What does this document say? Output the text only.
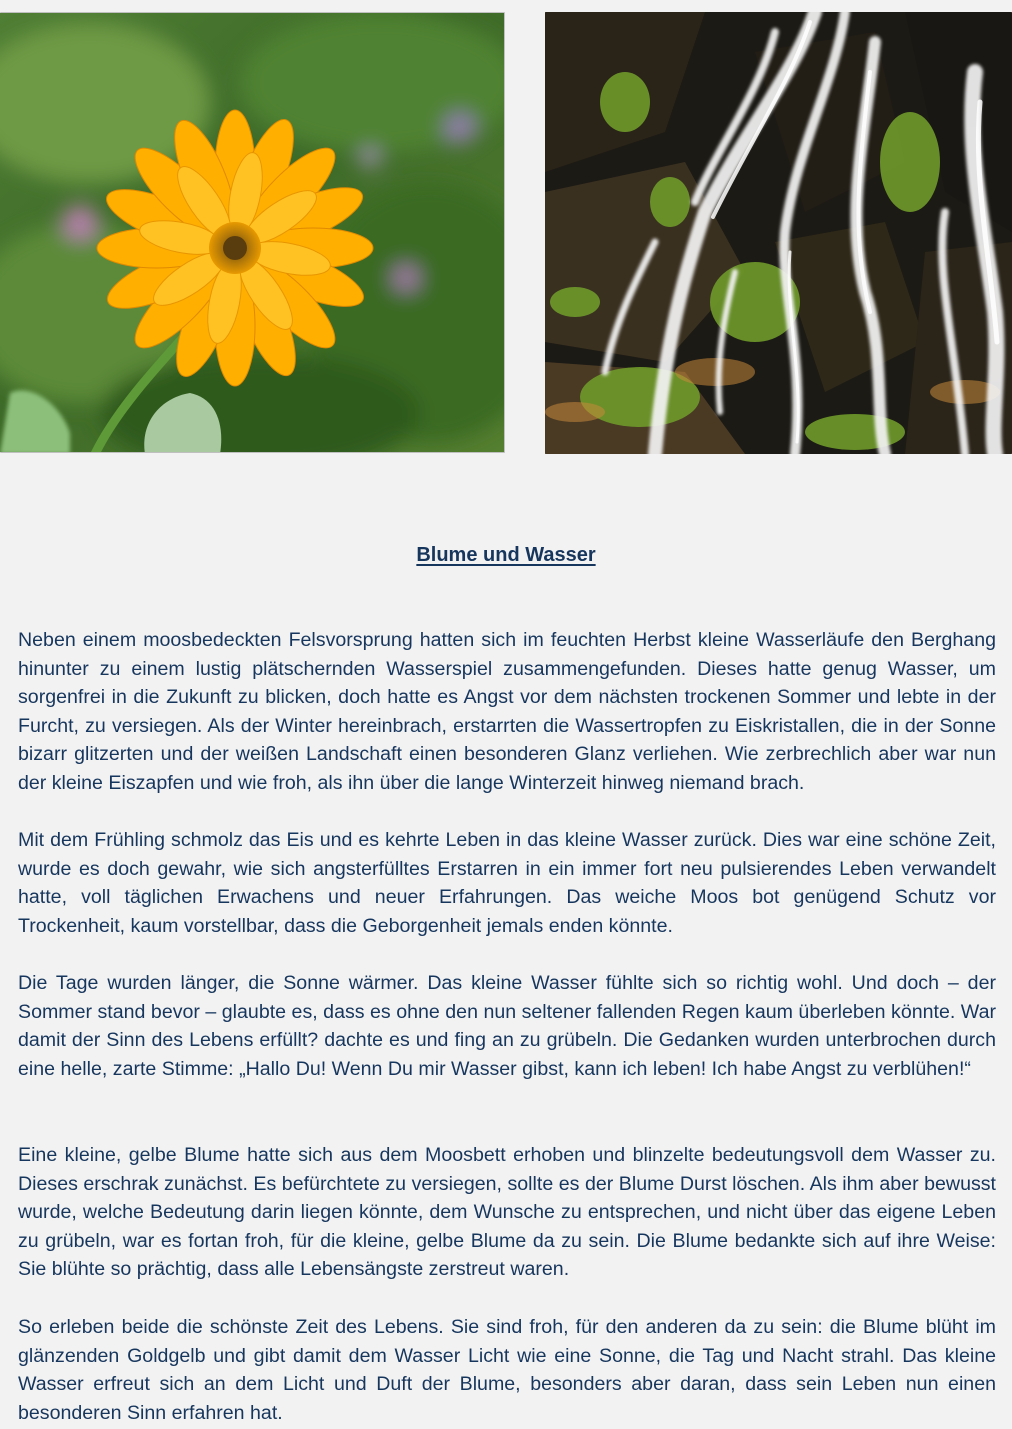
Blume und Wasser

Neben einem moosbedeckten Felsvorsprung hatten sich im feuchten Herbst kleine Wasserläufe den Berghang hinunter zu einem lustig plätschernden Wasserspiel zusammengefunden. Dieses hatte genug Wasser, um sorgenfrei in die Zukunft zu blicken, doch hatte es Angst vor dem nächsten trockenen Sommer und lebte in der Furcht, zu versiegen. Als der Winter hereinbrach, erstarrten die Wassertropfen zu Eiskristallen, die in der Sonne bizarr glitzerten und der weißen Landschaft einen besonderen Glanz verliehen. Wie zerbrechlich aber war nun der kleine Eiszapfen und wie froh, als ihn über die lange Winterzeit hinweg niemand brach.

Mit dem Frühling schmolz das Eis und es kehrte Leben in das kleine Wasser zurück. Dies war eine schöne Zeit, wurde es doch gewahr, wie sich angsterfülltes Erstarren in ein immer fort neu pulsierendes Leben verwandelt hatte, voll täglichen Erwachens und neuer Erfahrungen. Das weiche Moos bot genügend Schutz vor Trockenheit, kaum vorstellbar, dass die Geborgenheit jemals enden könnte.

Die Tage wurden länger, die Sonne wärmer. Das kleine Wasser fühlte sich so richtig wohl. Und doch – der Sommer stand bevor – glaubte es, dass es ohne den nun seltener fallenden Regen kaum überleben könnte. War damit der Sinn des Lebens erfüllt? dachte es und fing an zu grübeln. Die Gedanken wurden unterbrochen durch eine helle, zarte Stimme: „Hallo Du! Wenn Du mir Wasser gibst, kann ich leben! Ich habe Angst zu verblühen!“

Eine kleine, gelbe Blume hatte sich aus dem Moosbett erhoben und blinzelte bedeutungsvoll dem Wasser zu. Dieses erschrak zunächst. Es befürchtete zu versiegen, sollte es der Blume Durst löschen. Als ihm aber bewusst wurde, welche Bedeutung darin liegen könnte, dem Wunsche zu entsprechen, und nicht über das eigene Leben zu grübeln, war es fortan froh, für die kleine, gelbe Blume da zu sein. Die Blume bedankte sich auf ihre Weise: Sie blühte so prächtig, dass alle Lebensängste zerstreut waren.

So erleben beide die schönste Zeit des Lebens. Sie sind froh, für den anderen da zu sein: die Blume blüht im glänzenden Goldgelb und gibt damit dem Wasser Licht wie eine Sonne, die Tag und Nacht strahl. Das kleine Wasser erfreut sich an dem Licht und Duft der Blume, besonders aber daran, dass sein Leben nun einen besonderen Sinn erfahren hat.
